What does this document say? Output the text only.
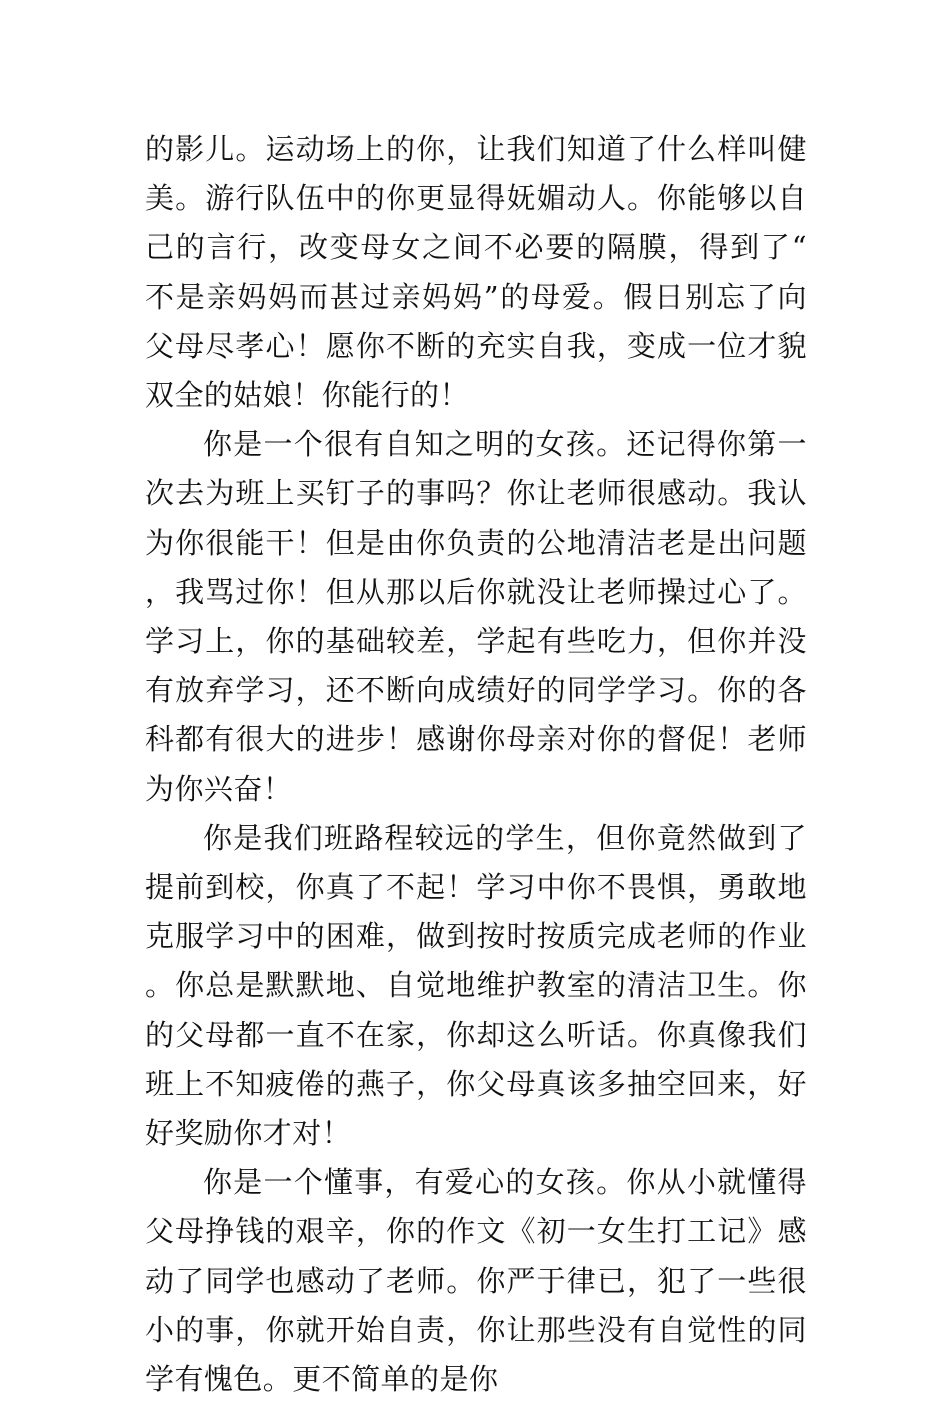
的影儿。运动场上的你，让我们知道了什么样叫健美。游行队伍中的你更显得妩媚动人。你能够以自己的言行，改变母女之间不必要的隔膜，得到了“不是亲妈妈而甚过亲妈妈”的母爱。假日别忘了向父母尽孝心！愿你不断的充实自我，变成一位才貌双全的姑娘！你能行的！

你是一个很有自知之明的女孩。还记得你第一次去为班上买钉子的事吗？你让老师很感动。我认为你很能干！但是由你负责的公地清洁老是出问题，我骂过你！但从那以后你就没让老师操过心了。学习上，你的基础较差，学起有些吃力，但你并没有放弃学习，还不断向成绩好的同学学习。你的各科都有很大的进步！感谢你母亲对你的督促！老师为你兴奋！

你是我们班路程较远的学生，但你竟然做到了提前到校，你真了不起！学习中你不畏惧，勇敢地克服学习中的困难，做到按时按质完成老师的作业。你总是默默地、自觉地维护教室的清洁卫生。你的父母都一直不在家，你却这么听话。你真像我们班上不知疲倦的燕子，你父母真该多抽空回来，好好奖励你才对！

你是一个懂事，有爱心的女孩。你从小就懂得父母挣钱的艰辛，你的作文《初一女生打工记》感动了同学也感动了老师。你严于律已，犯了一些很小的事，你就开始自责，你让那些没有自觉性的同学有愧色。更不简单的是你
